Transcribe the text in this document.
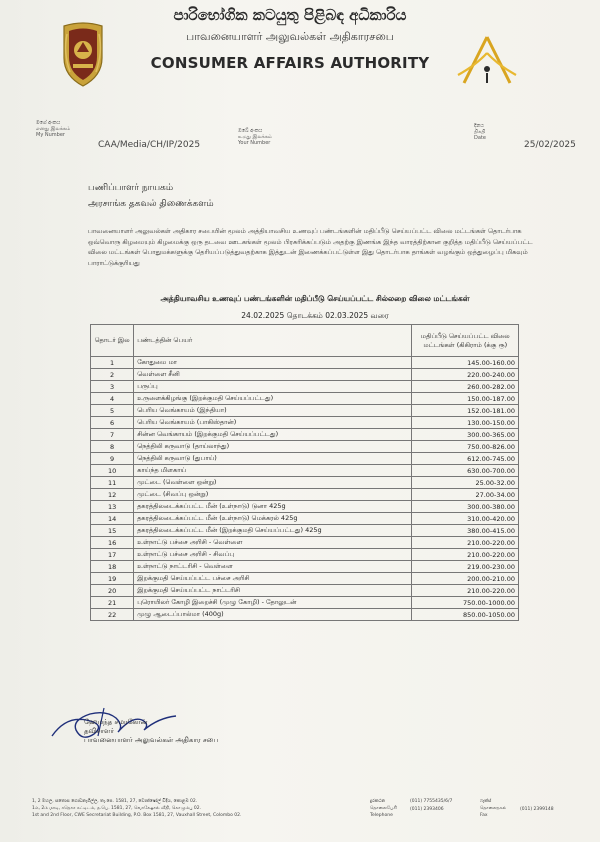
පාරිභෝගික කටයුතු පිළිබඳ අධිකාරිය
பாவனையாளர் அலுவல்கள் அதிகாரசபை
CONSUMER AFFAIRS AUTHORITY
මගේ අංකය
எனது இலக்கம்
My Number
CAA/Media/CH/IP/2025
ඔබේ අංකය
உமது இலக்கம்
Your Number
දිනය
திகதி
Date
25/02/2025
பணிப்பாளர் நாயகம்
அரசாங்க தகவல் திணைக்களம்
பாவனையாளர் அலுவல்கள் அதிகார சபையின் மூலம் அத்தியாவசிய உணவுப் பண்டங்களின் மதிப்பீடு செய்யப்பட்ட விலை மட்டங்கள் தொடர்பாக ஒவ்வொரு கிழமையும் கிழமைக்கு ஒரு தடவை ஊடகங்கள் மூலம் பிரசுரிக்கப்படும் அதற்கு இணங்க இந்த வாரத்திற்கான குறித்த மதிப்பீடு செய்யப்பட்ட விலை மட்டங்கள் பொதுமக்களுக்கு தெரியப்படுத்துவதற்காக இத்துடன் இணைக்கப்பட்டுள்ள இது தொடர்பாக தாங்கள் வழங்கும் ஒத்துழைப்பு மிகவும் பாராட்டுக்குரியது
அத்தியாவசிய உணவுப் பண்டங்களின் மதிப்பீடு செய்யப்பட்ட சில்லறை விலை மட்டங்கள்
24.02.2025 தொடக்கம் 02.03.2025 வரை
தொடர் இல	பண்டத்தின் பெயர்	மதிப்பீடு செய்யப்பட்ட விலை மட்டங்கள் (கிகிராம் (க்கு ரூ)
1	கோதுமை மா	145.00-160.00
2	வெள்ளை சீனி	220.00-240.00
3	பருப்பு	260.00-282.00
4	உருளைக்கிழங்கு (இறக்குமதி செய்யப்பட்டது)	150.00-187.00
5	பெரிய வெங்காயம் (இந்தியா)	152.00-181.00
6	பெரிய வெங்காயம் (பாகிஸ்தான்)	130.00-150.00
7	சின்ன வெங்காயம் (இறக்குமதி செய்யப்பட்டது)	300.00-365.00
8	நெத்திலி கருவாடு (தாய்லாந்து)	750.00-826.00
9	நெத்திலி கருவாடு (துபாய்)	612.00-745.00
10	காய்ந்த மிளகாய்	630.00-700.00
11	முட்டை (வெள்ளை ஒன்று)	25.00-32.00
12	முட்டை (சிவப்பு ஒன்று)	27.00-34.00
13	தகரத்திலடைக்கப்பட்ட மீன் (உள்நாடு) டுனா 425g	300.00-380.00
14	தகரத்திலடைக்கப்பட்ட மீன் (உள்நாடு) மெக்கரல் 425g	310.00-420.00
15	தகரத்திலடைக்கப்பட்ட மீன் (இறக்குமதி செய்யப்பட்டது) 425g	380.00-415.00
16	உள்நாட்டு பச்சை அரிசி - வெள்ளை	210.00-220.00
17	உள்நாட்டு பச்சை அரிசி - சிவப்பு	210.00-220.00
18	உள்நாட்டு நாட்டரிசி - வெள்ளை	219.00-230.00
19	இறக்குமதி செய்யப்பட்ட பச்சை அரிசி	200.00-210.00
20	இறக்குமதி செய்யப்பட்ட நாட்டரிசி	210.00-220.00
21	புரொயிலர் கோழி இறைச்சி (முழு கோழி) - தோலுடன்	750.00-1000.00
22	முழு ஆடைப்பால்மா (400g)	850.00-1050.00
ஹேமந்த சமரகோன்
தவிசாளர்
பாவனையாளர் அலுவல்கள் அதிகார சபை
1, 2 මහල, සතොස ගොඩනැගිල්ල, තැ.පෙ. 1581, 27, වොක්ෂෝල් වීදිය, කොළඹ 02.
1ம், 2ம் மாடி, சதொச கட்டிடம், த.பெ. 1581, 27, வொக்ஷோல் வீதி, கொழும்பு 02.
1st and 2nd Floor, CWE Secretariat Building, P.O. Box 1581, 27, Vauxhall Street, Colombo 02.
දුරකථන
தொலைபேசி
Telephone
(011) 7755435/6/7
(011) 2393406
ෆැක්ස්
தொலைநகல்
Fax
(011) 2399148
